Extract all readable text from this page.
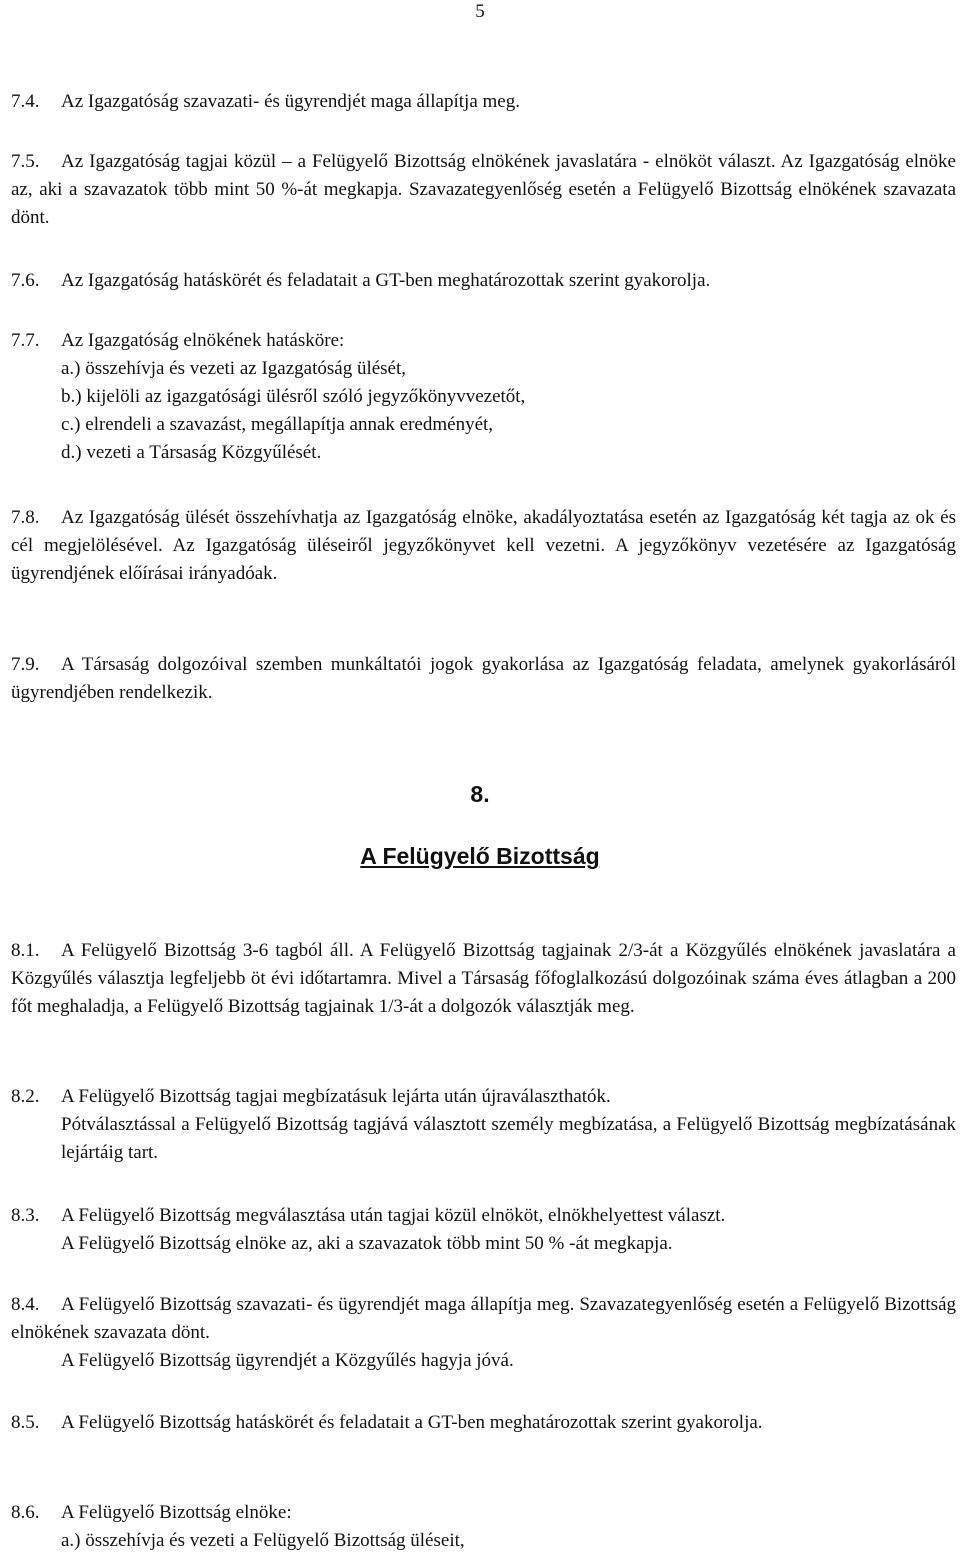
5
7.4. Az Igazgatóság szavazati- és ügyrendjét maga állapítja meg.
7.5.	Az Igazgatóság tagjai közül – a Felügyelő Bizottság elnökének javaslatára - elnököt választ. Az Igazgatóság elnöke az, aki a szavazatok több mint 50 %-át megkapja. Szavazategyenlőség esetén a Felügyelő Bizottság elnökének szavazata dönt.
7.6. Az Igazgatóság hatáskörét és feladatait a GT-ben meghatározottak szerint gyakorolja.
7.7. Az Igazgatóság elnökének hatásköre:
a.) összehívja és vezeti az Igazgatóság ülését,
b.) kijelöli az igazgatósági ülésről szóló jegyzőkönyvvezetőt,
c.) elrendeli a szavazást, megállapítja annak eredményét,
d.) vezeti a Társaság Közgyűlését.
7.8.	Az Igazgatóság ülését összehívhatja az Igazgatóság elnöke, akadályoztatása esetén az Igazgatóság két tagja az ok és cél megjelölésével. Az Igazgatóság üléseiről jegyzőkönyvet kell vezetni. A jegyzőkönyv vezetésére az Igazgatóság ügyrendjének előírásai irányadóak.
7.9.	A Társaság dolgozóival szemben munkáltatói jogok gyakorlása az Igazgatóság feladata, amelynek gyakorlásáról ügyrendjében rendelkezik.
8.
A Felügyelő Bizottság
8.1.	A Felügyelő Bizottság 3-6 tagból áll. A Felügyelő Bizottság tagjainak 2/3-át a Közgyűlés elnökének javaslatára a Közgyűlés választja legfeljebb öt évi időtartamra. Mivel a Társaság főfoglalkozású dolgozóinak száma éves átlagban a 200 főt meghaladja, a Felügyelő Bizottság tagjainak 1/3-át a dolgozók választják meg.
8.2. A Felügyelő Bizottság tagjai megbízatásuk lejárta után újraválaszthatók.
Pótválasztással a Felügyelő Bizottság tagjává választott személy megbízatása, a Felügyelő Bizottság megbízatásának lejártáig tart.
8.3. A Felügyelő Bizottság megválasztása után tagjai közül elnököt, elnökhelyettest választ.
A Felügyelő Bizottság elnöke az, aki a szavazatok több mint 50 % -át megkapja.
8.4.	A Felügyelő Bizottság szavazati- és ügyrendjét maga állapítja meg. Szavazategyenlőség esetén a Felügyelő Bizottság elnökének szavazata dönt.
A Felügyelő Bizottság ügyrendjét a Közgyűlés hagyja jóvá.
8.5. A Felügyelő Bizottság hatáskörét és feladatait a GT-ben meghatározottak szerint gyakorolja.
8.6. A Felügyelő Bizottság elnöke:
a.) összehívja és vezeti a Felügyelő Bizottság üléseit,
